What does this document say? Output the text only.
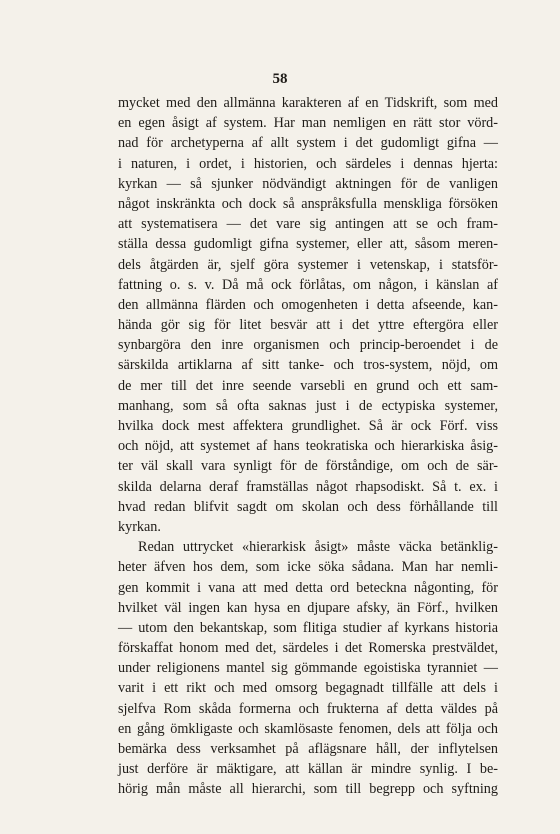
58
mycket med den allmänna karakteren af en Tidskrift, som med
en egen åsigt af system. Har man nemligen en rätt stor vörd-
nad för archetyperna af allt system i det gudomligt gifna —
i naturen, i ordet, i historien, och särdeles i dennas hjerta:
kyrkan — så sjunker nödvändigt aktningen för de vanligen
något inskränkta och dock så anspråksfulla menskliga försöken
att systematisera — det vare sig antingen att se och fram-
ställa dessa gudomligt gifna systemer, eller att, såsom meren-
dels åtgärden är, sjelf göra systemer i vetenskap, i statsför-
fattning o. s. v. Då må ock förlåtas, om någon, i känslan af
den allmänna flärden och omogenheten i detta afseende, kan-
hända gör sig för litet besvär att i det yttre eftergöra eller
synbargöra den inre organismen och princip-beroendet i de
särskilda artiklarna af sitt tanke- och tros-system, nöjd, om
de mer till det inre seende varsebli en grund och ett sam-
manhang, som så ofta saknas just i de ectypiska systemer,
hvilka dock mest affektera grundlighet. Så är ock Förf. viss
och nöjd, att systemet af hans teokratiska och hierarkiska åsig-
ter väl skall vara synligt för de förståndige, om och de sär-
skilda delarna deraf framställas något rhapsodiskt. Så t. ex. i
hvad redan blifvit sagdt om skolan och dess förhållande till
kyrkan.
Redan uttrycket «hierarkisk åsigt» måste väcka betänklig-
heter äfven hos dem, som icke söka sådana. Man har nemli-
gen kommit i vana att med detta ord beteckna någonting, för
hvilket väl ingen kan hysa en djupare afsky, än Förf., hvilken
— utom den bekantskap, som flitiga studier af kyrkans historia
förskaffat honom med det, särdeles i det Romerska prestväldet,
under religionens mantel sig gömmande egoistiska tyranniet —
varit i ett rikt och med omsorg begagnadt tillfälle att dels i
sjelfva Rom skåda formerna och frukterna af detta väldes på
en gång ömkligaste och skamlösaste fenomen, dels att följa och
bemärka dess verksamhet på aflägsnare håll, der inflytelsen
just derföre är mäktigare, att källan är mindre synlig. I be-
hörig mån måste all hierarchi, som till begrepp och syftning
